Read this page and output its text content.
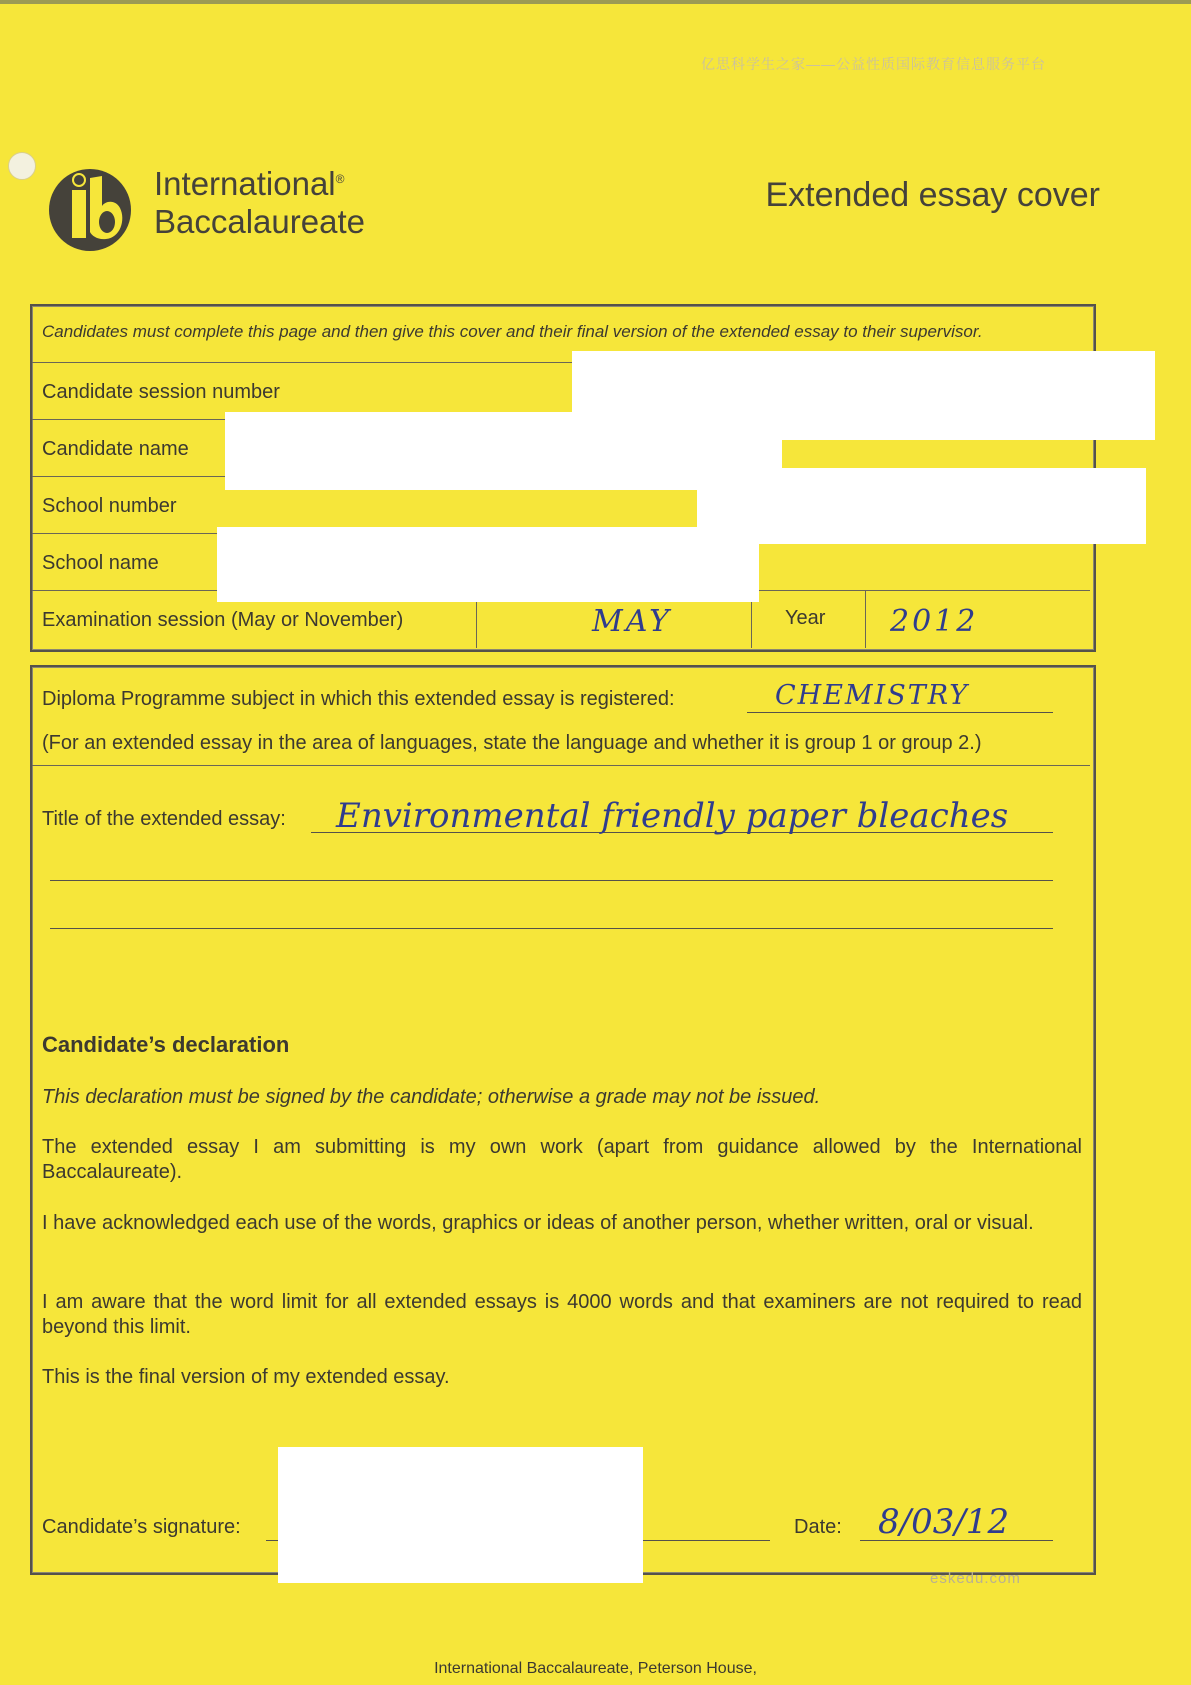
亿思科学生之家——公益性质国际教育信息服务平台
International®
Baccalaureate
Extended essay cover
Candidates must complete this page and then give this cover and their final version of the extended essay to their supervisor.
Candidate session number
Candidate name
School number
School name
Examination session (May or November)	MAY	Year 2012
Diploma Programme subject in which this extended essay is registered:	CHEMISTRY
(For an extended essay in the area of languages, state the language and whether it is group 1 or group 2.)
Title of the extended essay: Environmental friendly paper bleaches
Candidate’s declaration
This declaration must be signed by the candidate; otherwise a grade may not be issued.
The extended essay I am submitting is my own work (apart from guidance allowed by the International Baccalaureate).
I have acknowledged each use of the words, graphics or ideas of another person, whether written, oral or visual.
I am aware that the word limit for all extended essays is 4000 words and that examiners are not required to read beyond this limit.
This is the final version of my extended essay.
Candidate’s signature:	Date: 8/03/12
eskedu.com
International Baccalaureate, Peterson House,
